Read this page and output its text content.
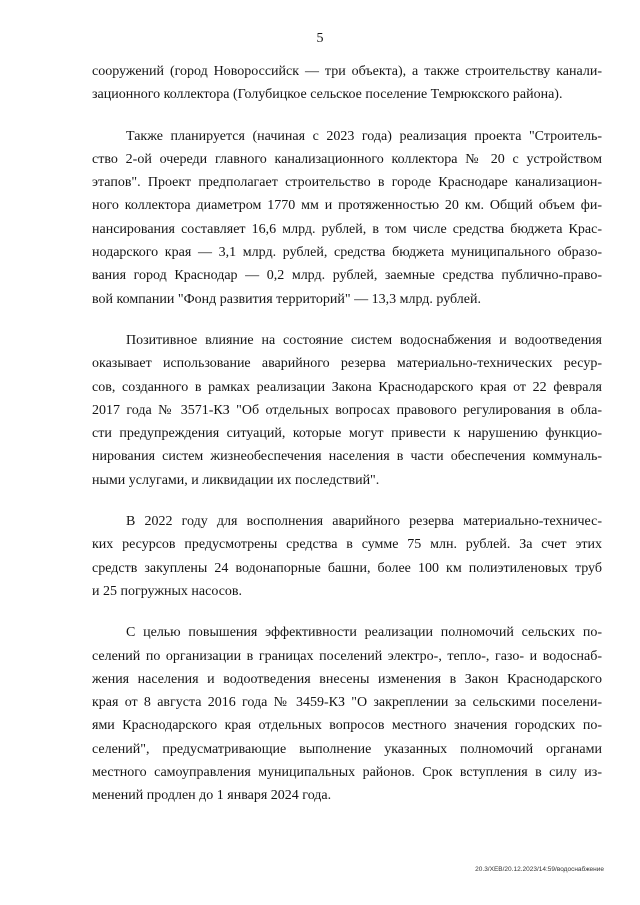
5
сооружений (город Новороссийск — три объекта), а также строительству канали-
зационного коллектора (Голубицкое сельское поселение Темрюкского района).
Также планируется (начиная с 2023 года) реализация проекта "Строитель-
ство 2-ой очереди главного канализационного коллектора № 20 с устройством
этапов". Проект предполагает строительство в городе Краснодаре канализацион-
ного коллектора диаметром 1770 мм и протяженностью 20 км. Общий объем фи-
нансирования составляет 16,6 млрд. рублей, в том числе средства бюджета Крас-
нодарского края — 3,1 млрд. рублей, средства бюджета муниципального образо-
вания город Краснодар — 0,2 млрд. рублей, заемные средства публично-право-
вой компании "Фонд развития территорий" — 13,3 млрд. рублей.
Позитивное влияние на состояние систем водоснабжения и водоотведения
оказывает использование аварийного резерва материально-технических ресур-
сов, созданного в рамках реализации Закона Краснодарского края от 22 февраля
2017 года № 3571-КЗ "Об отдельных вопросах правового регулирования в обла-
сти предупреждения ситуаций, которые могут привести к нарушению функцио-
нирования систем жизнеобеспечения населения в части обеспечения коммуналь-
ными услугами, и ликвидации их последствий".
В 2022 году для восполнения аварийного резерва материально-техничес-
ких ресурсов предусмотрены средства в сумме 75 млн. рублей. За счет этих
средств закуплены 24 водонапорные башни, более 100 км полиэтиленовых труб
и 25 погружных насосов.
С целью повышения эффективности реализации полномочий сельских по-
селений по организации в границах поселений электро-, тепло-, газо- и водоснаб-
жения населения и водоотведения внесены изменения в Закон Краснодарского
края от 8 августа 2016 года № 3459-КЗ "О закреплении за сельскими поселени-
ями Краснодарского края отдельных вопросов местного значения городских по-
селений", предусматривающие выполнение указанных полномочий органами
местного самоуправления муниципальных районов. Срок вступления в силу из-
менений продлен до 1 января 2024 года.
20.3/ХЕВ/20.12.2023/14:59/водоснабжение
